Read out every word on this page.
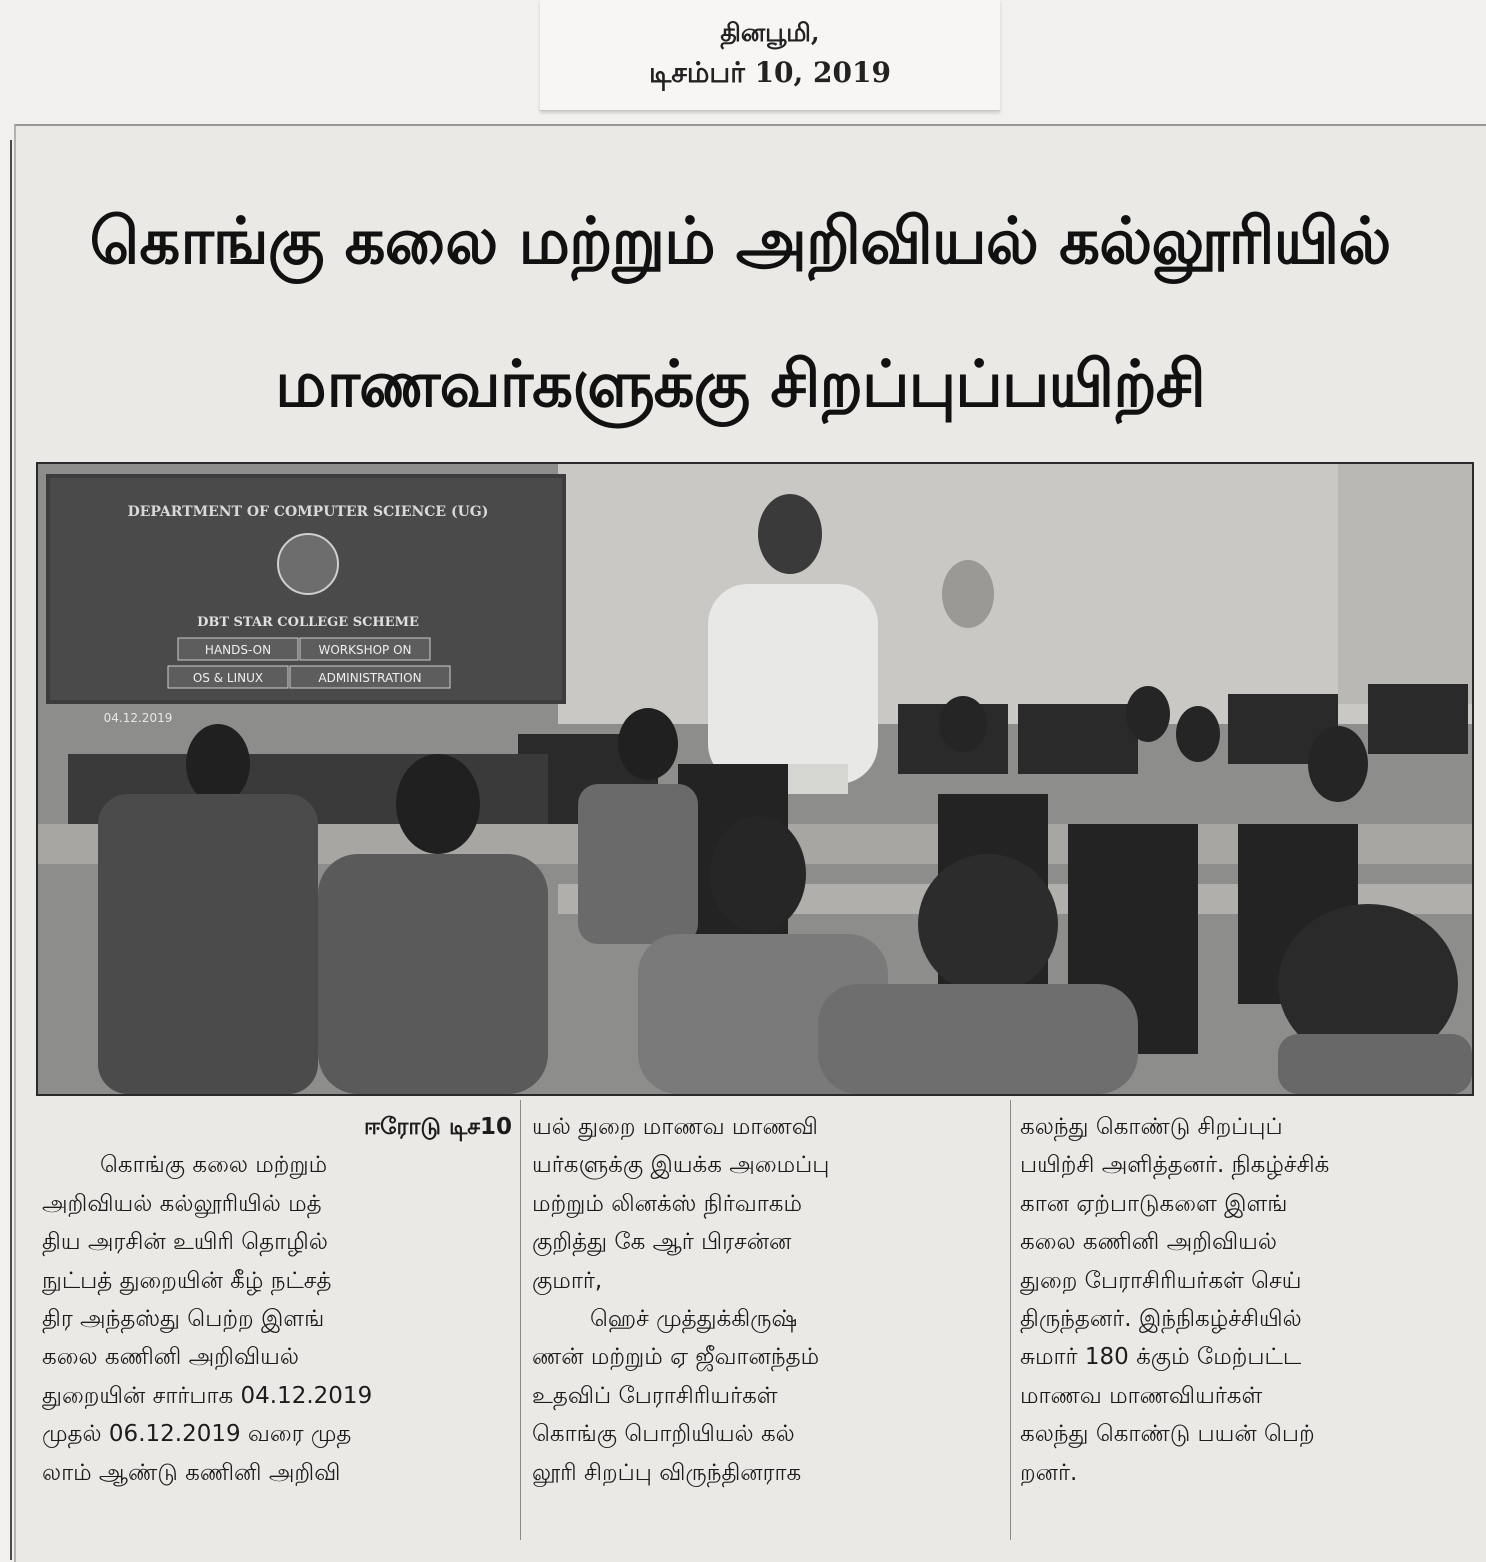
தினபூமி,
டிசம்பர் 10, 2019
கொங்கு கலை மற்றும் அறிவியல் கல்லூரியில்
மாணவர்களுக்கு சிறப்புப்பயிற்சி
DEPARTMENT OF COMPUTER SCIENCE (UG)
DBT STAR COLLEGE SCHEME
HANDS-ON	WORKSHOP ON
OS & LINUX	ADMINISTRATION
04.12.2019
ஈரோடு டிச10
கொங்கு கலை மற்றும்
அறிவியல் கல்லூரியில் மத்
திய அரசின் உயிரி தொழில்
நுட்பத் துறையின் கீழ் நட்சத்
திர அந்தஸ்து பெற்ற இளங்
கலை கணினி அறிவியல்
துறையின் சார்பாக 04.12.2019
முதல் 06.12.2019 வரை முத
லாம் ஆண்டு கணினி அறிவி
யல் துறை மாணவ மாணவி
யர்களுக்கு இயக்க அமைப்பு
மற்றும் லினக்ஸ் நிர்வாகம்
குறித்து கே ஆர் பிரசன்ன
குமார்,
ஹெச் முத்துக்கிருஷ்
ணன் மற்றும் ஏ ஜீவானந்தம்
உதவிப் பேராசிரியர்கள்
கொங்கு பொறியியல் கல்
லூரி சிறப்பு விருந்தினராக
கலந்து கொண்டு சிறப்புப்
பயிற்சி அளித்தனர். நிகழ்ச்சிக்
கான ஏற்பாடுகளை இளங்
கலை கணினி அறிவியல்
துறை பேராசிரியர்கள் செய்
திருந்தனர். இந்நிகழ்ச்சியில்
சுமார் 180 க்கும் மேற்பட்ட
மாணவ மாணவியர்கள்
கலந்து கொண்டு பயன் பெற்
றனர்.
